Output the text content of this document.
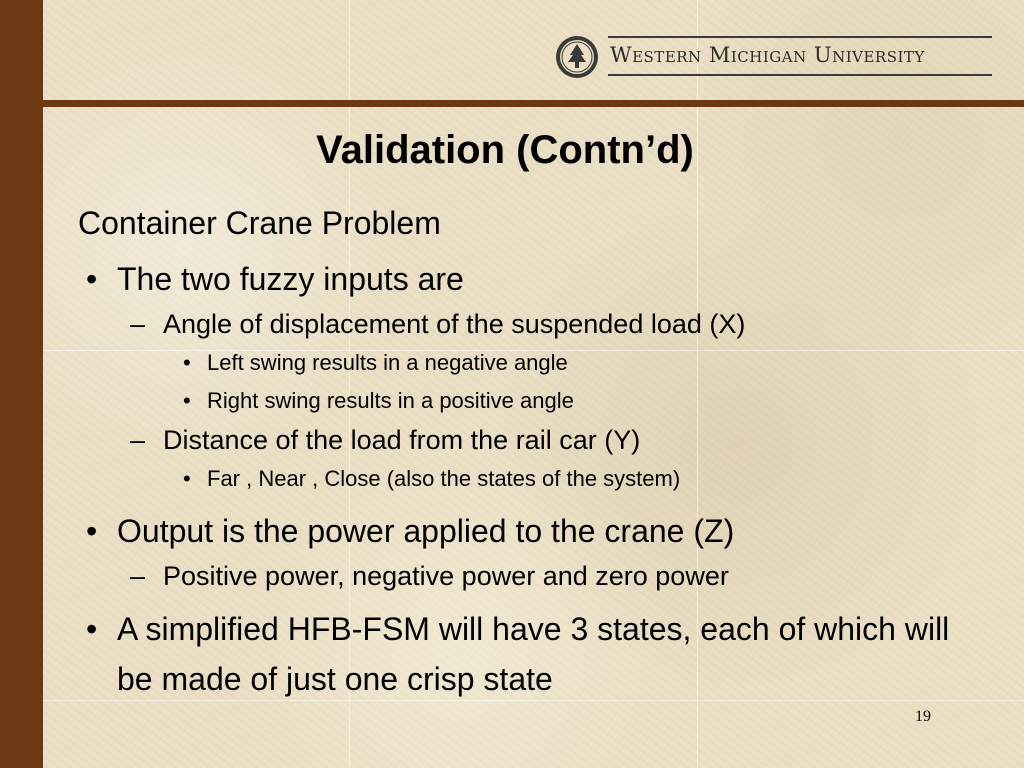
Western Michigan University
Validation (Contn’d)
Container Crane Problem
• The two fuzzy inputs are
– Angle of displacement of the suspended load (X)
• Left swing results in a negative angle
• Right swing results in a positive angle
– Distance of the load from the rail car (Y)
• Far , Near , Close (also the states of the system)
• Output is the power applied to the crane (Z)
– Positive power, negative power and zero power
• A simplified HFB-FSM will have 3 states, each of which will be made of just one crisp state
19
